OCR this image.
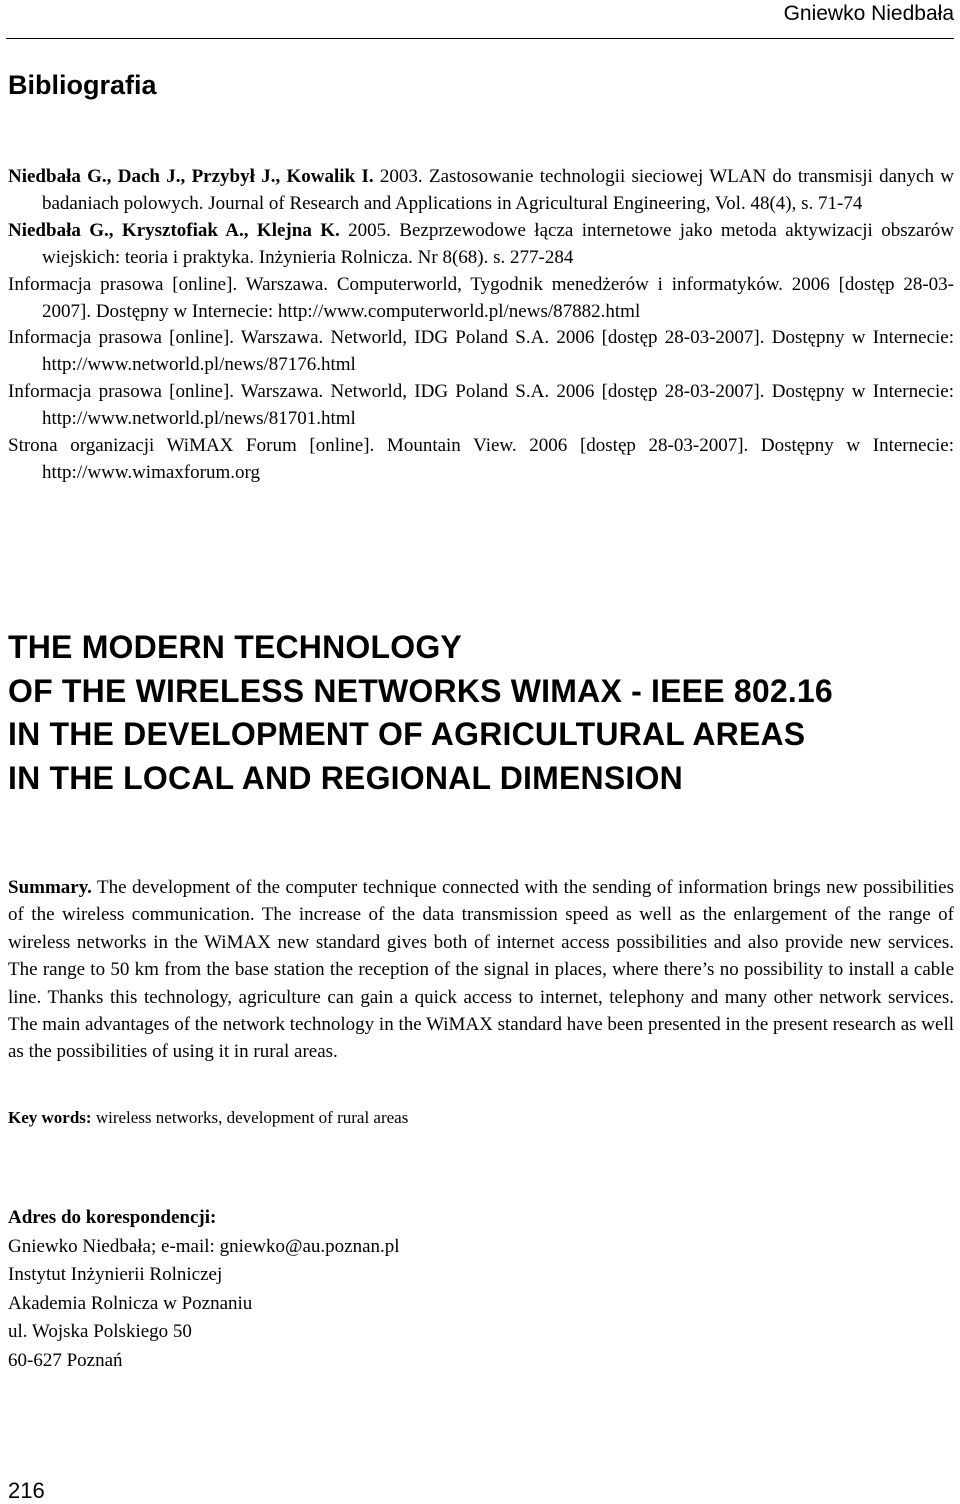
Gniewko Niedbała
Bibliografia
Niedbała G., Dach J., Przybył J., Kowalik I. 2003. Zastosowanie technologii sieciowej WLAN do transmisji danych w badaniach polowych. Journal of Research and Applications in Agricultural Engineering, Vol. 48(4), s. 71-74
Niedbała G., Krysztofiak A., Klejna K. 2005. Bezprzewodowe łącza internetowe jako metoda aktywizacji obszarów wiejskich: teoria i praktyka. Inżynieria Rolnicza. Nr 8(68). s. 277-284
Informacja prasowa [online]. Warszawa. Computerworld, Tygodnik menedżerów i informatyków. 2006 [dostęp 28-03-2007]. Dostępny w Internecie: http://www.computerworld.pl/news/87882.html
Informacja prasowa [online]. Warszawa. Networld, IDG Poland S.A. 2006 [dostęp 28-03-2007]. Dostępny w Internecie: http://www.networld.pl/news/87176.html
Informacja prasowa [online]. Warszawa. Networld, IDG Poland S.A. 2006 [dostęp 28-03-2007]. Dostępny w Internecie: http://www.networld.pl/news/81701.html
Strona organizacji WiMAX Forum [online]. Mountain View. 2006 [dostęp 28-03-2007]. Dostępny w Internecie: http://www.wimaxforum.org
THE MODERN TECHNOLOGY
OF THE WIRELESS NETWORKS WIMAX - IEEE 802.16
IN THE DEVELOPMENT OF AGRICULTURAL AREAS
IN THE LOCAL AND REGIONAL DIMENSION

Summary. The development of the computer technique connected with the sending of information brings new possibilities of the wireless communication. The increase of the data transmission speed as well as the enlargement of the range of wireless networks in the WiMAX new standard gives both of internet access possibilities and also provide new services. The range to 50 km from the base station the reception of the signal in places, where there’s no possibility to install a cable line. Thanks this technology, agriculture can gain a quick access to internet, telephony and many other network services. The main advantages of the network technology in the WiMAX standard have been presented in the present research as well as the possibilities of using it in rural areas.

Key words: wireless networks, development of rural areas

Adres do korespondencji:
Gniewko Niedbała; e-mail: gniewko@au.poznan.pl
Instytut Inżynierii Rolniczej
Akademia Rolnicza w Poznaniu
ul. Wojska Polskiego 50
60-627 Poznań
216
